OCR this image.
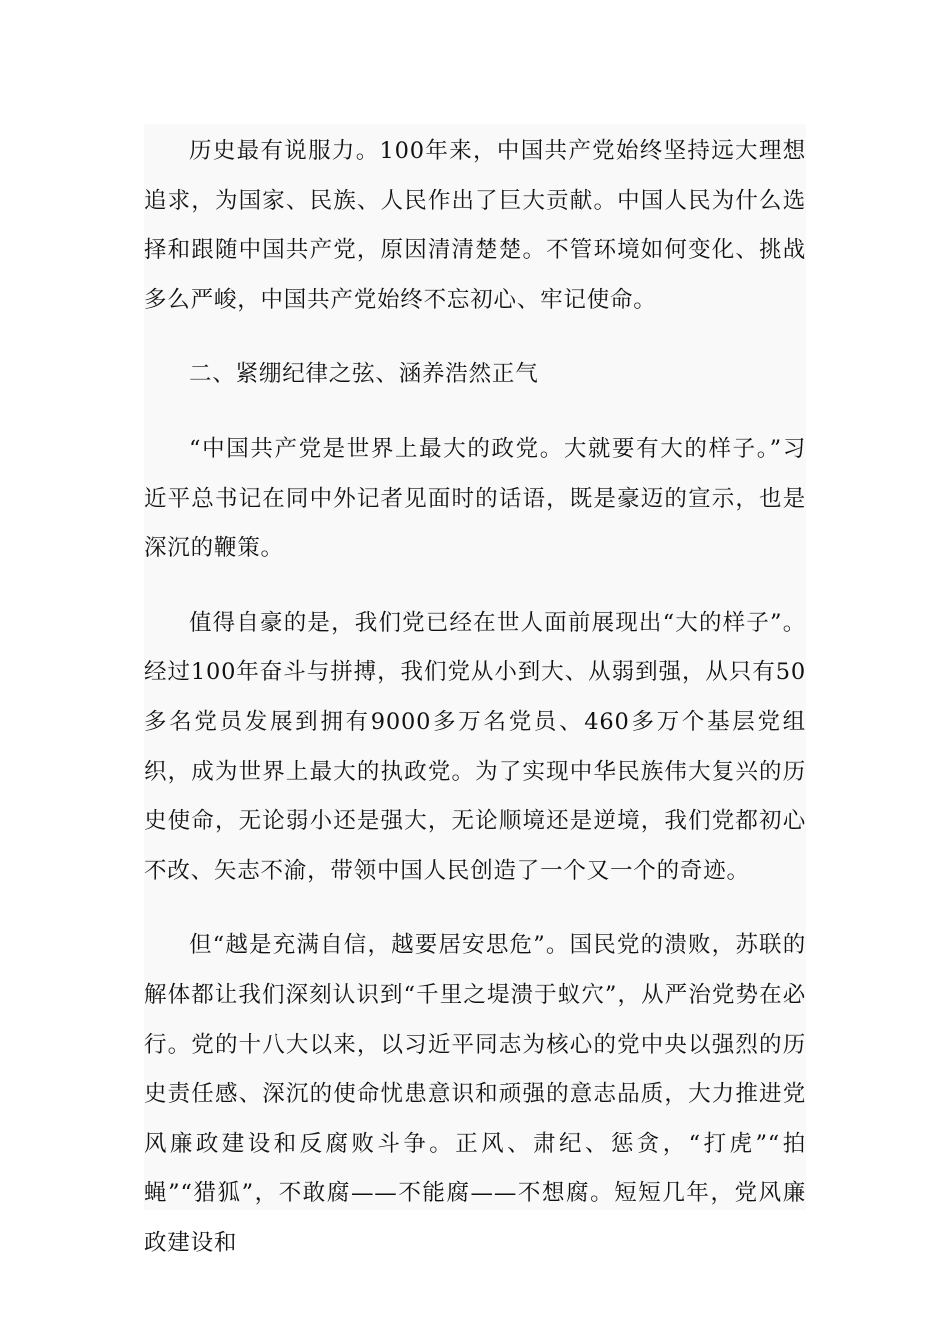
历史最有说服力。100年来，中国共产党始终坚持远大理想追求，为国家、民族、人民作出了巨大贡献。中国人民为什么选择和跟随中国共产党，原因清清楚楚。不管环境如何变化、挑战多么严峻，中国共产党始终不忘初心、牢记使命。

二、紧绷纪律之弦、涵养浩然正气

“中国共产党是世界上最大的政党。大就要有大的样子。”习近平总书记在同中外记者见面时的话语，既是豪迈的宣示，也是深沉的鞭策。

值得自豪的是，我们党已经在世人面前展现出“大的样子”。经过100年奋斗与拼搏，我们党从小到大、从弱到强，从只有50多名党员发展到拥有9000多万名党员、460多万个基层党组织，成为世界上最大的执政党。为了实现中华民族伟大复兴的历史使命，无论弱小还是强大，无论顺境还是逆境，我们党都初心不改、矢志不渝，带领中国人民创造了一个又一个的奇迹。

但“越是充满自信，越要居安思危”。国民党的溃败，苏联的解体都让我们深刻认识到“千里之堤溃于蚁穴”，从严治党势在必行。党的十八大以来，以习近平同志为核心的党中央以强烈的历史责任感、深沉的使命忧患意识和顽强的意志品质，大力推进党风廉政建设和反腐败斗争。正风、肃纪、惩贪，“打虎”“拍蝇”“猎狐”，不敢腐——不能腐——不想腐。短短几年，党风廉政建设和
